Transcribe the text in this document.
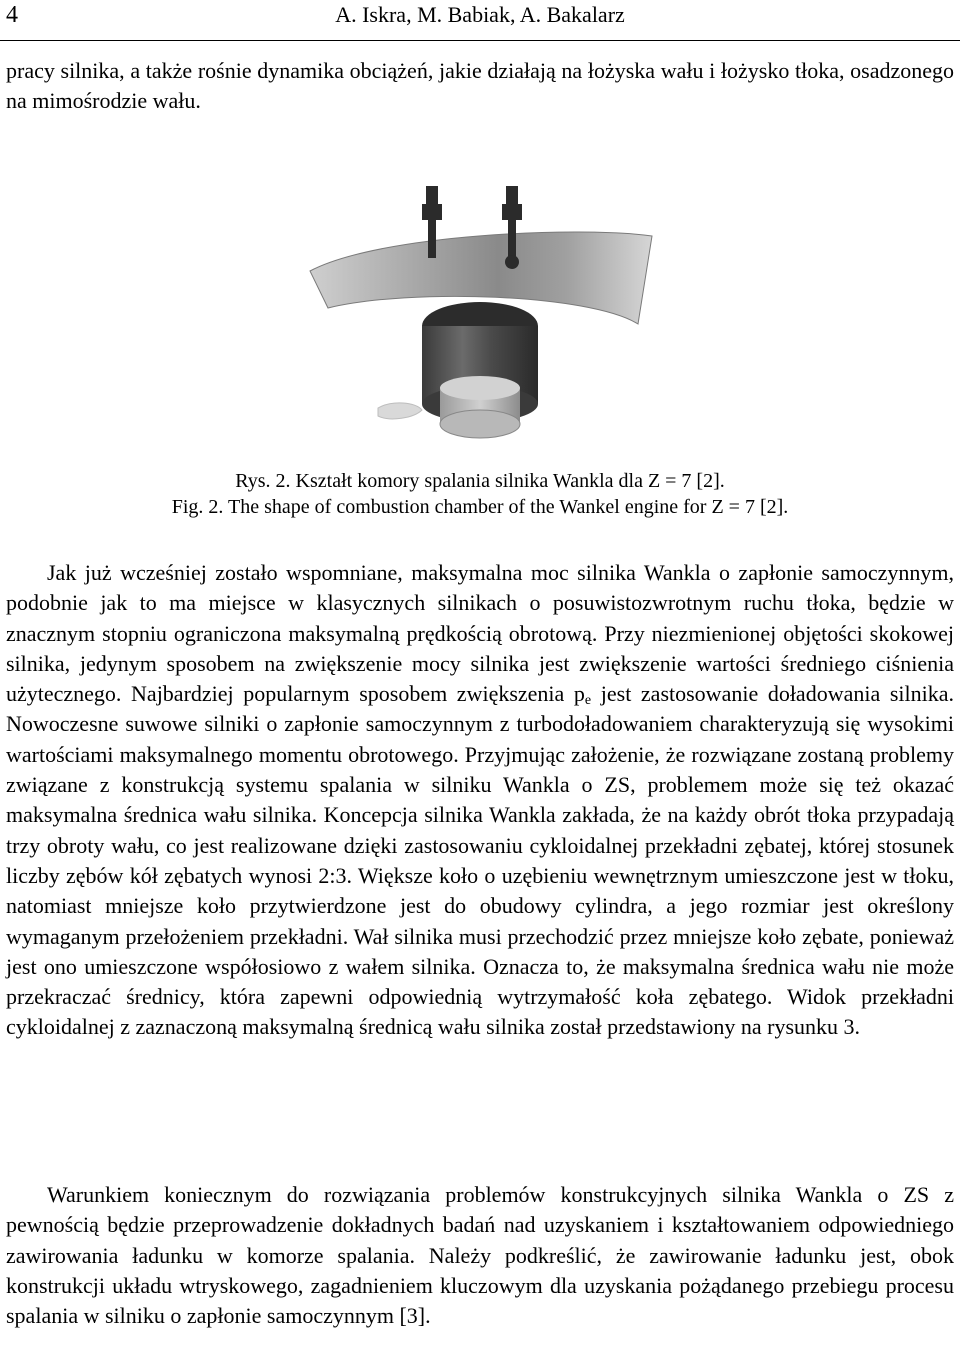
4	A. Iskra, M. Babiak, A. Bakalarz

pracy silnika, a także rośnie dynamika obciążeń, jakie działają na łożyska wału i łożysko tłoka, osadzonego na mimośrodzie wału.

Rys. 2. Kształt komory spalania silnika Wankla dla Z = 7 [2].
Fig. 2. The shape of combustion chamber of the Wankel engine for Z = 7 [2].

Jak już wcześniej zostało wspomniane, maksymalna moc silnika Wankla o zapłonie samoczynnym, podobnie jak to ma miejsce w klasycznych silnikach o posuwistozwrotnym ruchu tłoka, będzie w znacznym stopniu ograniczona maksymalną prędkością obrotową. Przy niezmienionej objętości skokowej silnika, jedynym sposobem na zwiększenie mocy silnika jest zwiększenie wartości średniego ciśnienia użytecznego. Najbardziej popularnym sposobem zwiększenia $p_e$ jest zastosowanie doładowania silnika. Nowoczesne suwowe silniki o zapłonie samoczynnym z turbodoładowaniem charakteryzują się wysokimi wartościami maksymalnego momentu obrotowego. Przyjmując założenie, że rozwiązane zostaną problemy związane z konstrukcją systemu spalania w silniku Wankla o ZS, problemem może się też okazać maksymalna średnica wału silnika. Koncepcja silnika Wankla zakłada, że na każdy obrót tłoka przypadają trzy obroty wału, co jest realizowane dzięki zastosowaniu cykloidalnej przekładni zębatej, której stosunek liczby zębów kół zębatych wynosi 2:3. Większe koło o uzębieniu wewnętrznym umieszczone jest w tłoku, natomiast mniejsze koło przytwierdzone jest do obudowy cylindra, a jego rozmiar jest określony wymaganym przełożeniem przekładni. Wał silnika musi przechodzić przez mniejsze koło zębate, ponieważ jest ono umieszczone współosiowo z wałem silnika. Oznacza to, że maksymalna średnica wału nie może przekraczać średnicy, która zapewni odpowiednią wytrzymałość koła zębatego. Widok przekładni cykloidalnej z zaznaczoną maksymalną średnicą wału silnika został przedstawiony na rysunku 3.

Warunkiem koniecznym do rozwiązania problemów konstrukcyjnych silnika Wankla o ZS z pewnością będzie przeprowadzenie dokładnych badań nad uzyskaniem i kształtowaniem odpowiedniego zawirowania ładunku w komorze spalania. Należy podkreślić, że zawirowanie ładunku jest, obok konstrukcji układu wtryskowego, zagadnieniem kluczowym dla uzyskania pożądanego przebiegu procesu spalania w silniku o zapłonie samoczynnym [3].
